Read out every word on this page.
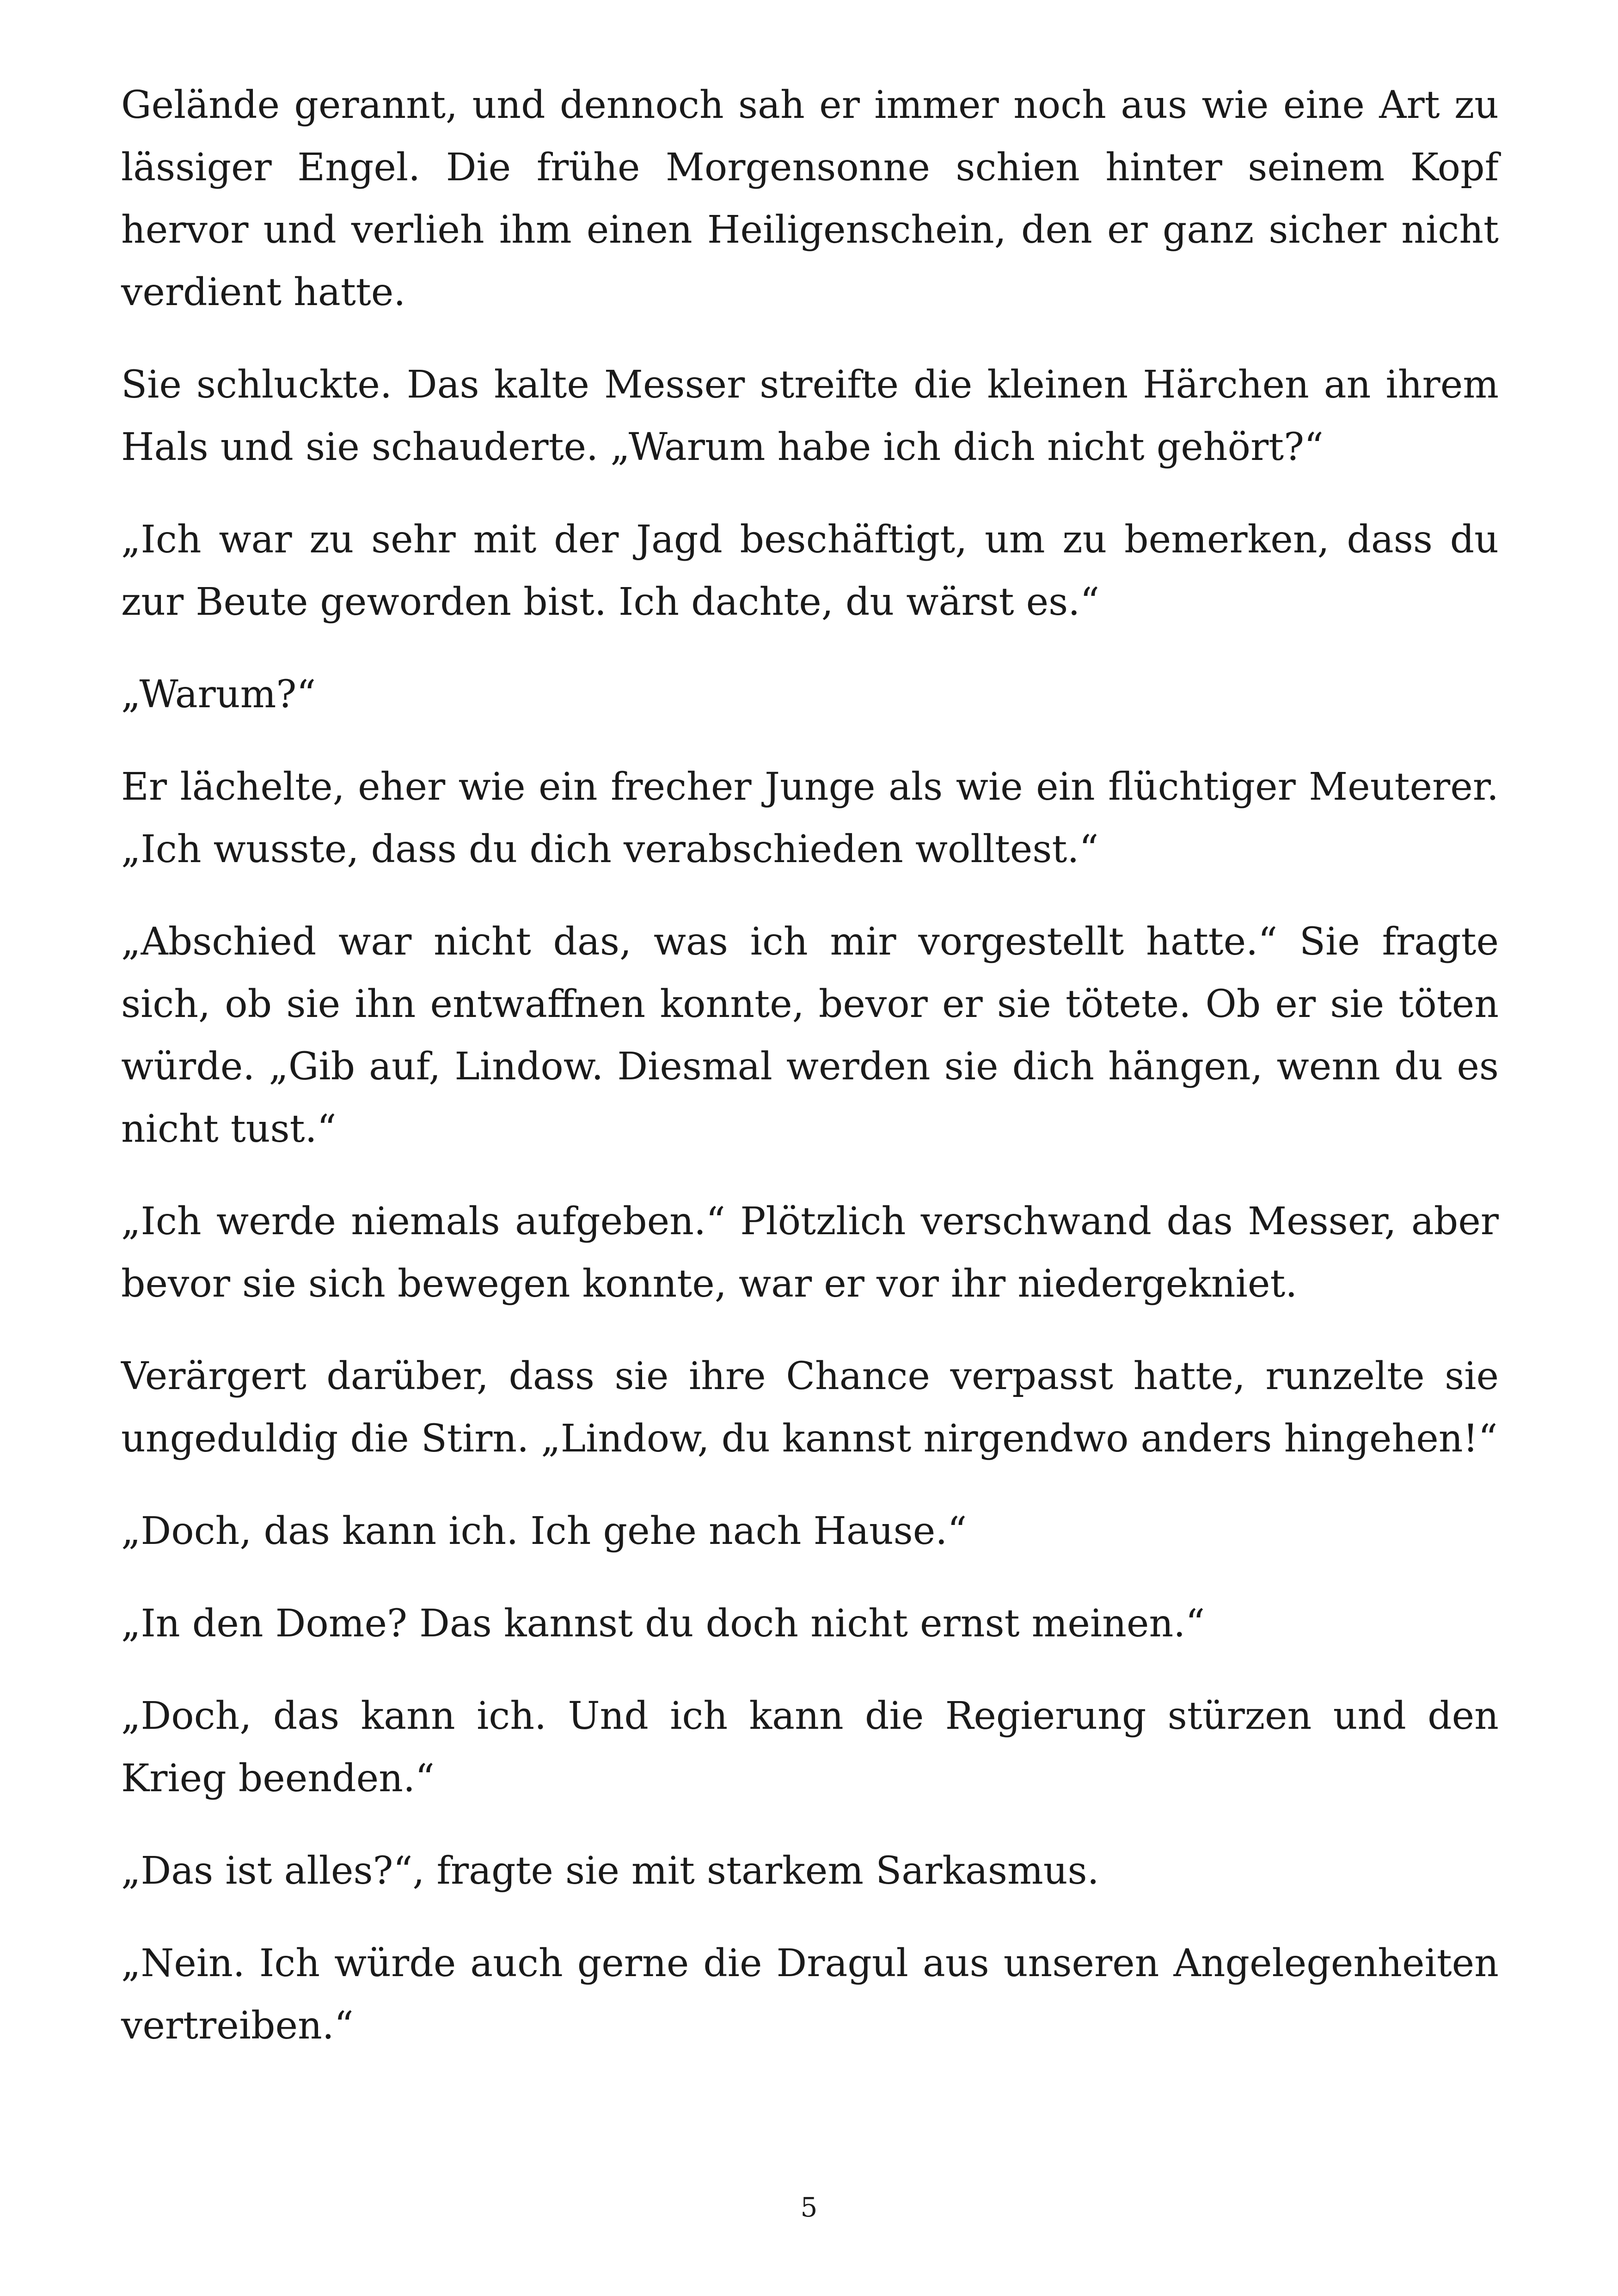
Gelände gerannt, und dennoch sah er immer noch aus wie eine Art zu lässiger Engel. Die frühe Morgensonne schien hinter seinem Kopf hervor und verlieh ihm einen Heiligenschein, den er ganz sicher nicht verdient hatte.

Sie schluckte. Das kalte Messer streifte die kleinen Härchen an ihrem Hals und sie schauderte. „Warum habe ich dich nicht gehört?“

„Ich war zu sehr mit der Jagd beschäftigt, um zu bemerken, dass du zur Beute geworden bist. Ich dachte, du wärst es.“

„Warum?“

Er lächelte, eher wie ein frecher Junge als wie ein flüchtiger Meuterer. „Ich wusste, dass du dich verabschieden wolltest.“

„Abschied war nicht das, was ich mir vorgestellt hatte.“ Sie fragte sich, ob sie ihn entwaffnen konnte, bevor er sie tötete. Ob er sie töten würde. „Gib auf, Lindow. Diesmal werden sie dich hängen, wenn du es nicht tust.“

„Ich werde niemals aufgeben.“ Plötzlich verschwand das Messer, aber bevor sie sich bewegen konnte, war er vor ihr niedergekniet.

Verärgert darüber, dass sie ihre Chance verpasst hatte, runzelte sie ungeduldig die Stirn. „Lindow, du kannst nirgendwo anders hingehen!“

„Doch, das kann ich. Ich gehe nach Hause.“

„In den Dome? Das kannst du doch nicht ernst meinen.“

„Doch, das kann ich. Und ich kann die Regierung stürzen und den Krieg beenden.“

„Das ist alles?“, fragte sie mit starkem Sarkasmus.

„Nein. Ich würde auch gerne die Dragul aus unseren Angelegenheiten vertreiben.“

5
